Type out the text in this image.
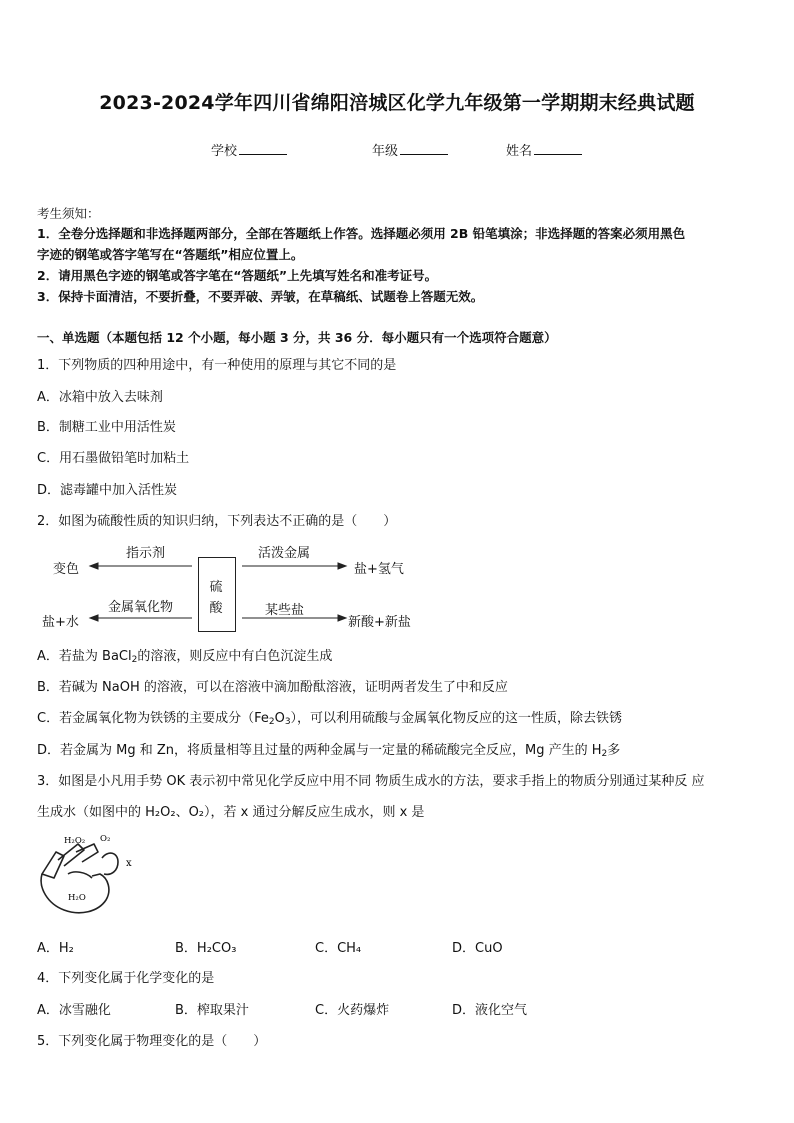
2023-2024学年四川省绵阳涪城区化学九年级第一学期期末经典试题
学校	年级	姓名
考生须知：
1．全卷分选择题和非选择题两部分，全部在答题纸上作答。选择题必须用 2B 铅笔填涂；非选择题的答案必须用黑色
字迹的钢笔或答字笔写在“答题纸”相应位置上。
2．请用黑色字迹的钢笔或答字笔在“答题纸”上先填写姓名和准考证号。
3．保持卡面清洁，不要折叠，不要弄破、弄皱，在草稿纸、试题卷上答题无效。
一、单选题（本题包括 12 个小题，每小题 3 分，共 36 分．每小题只有一个选项符合题意）
1．下列物质的四种用途中，有一种使用的原理与其它不同的是
A．冰箱中放入去味剂
B．制糖工业中用活性炭
C．用石墨做铅笔时加粘土
D．滤毒罐中加入活性炭
2．如图为硫酸性质的知识归纳，下列表达不正确的是（　　）
硫
酸
指示剂
变色
活泼金属
盐+氢气
金属氧化物
盐+水
某些盐
新酸+新盐
A．若盐为 BaCl$_2$的溶液，则反应中有白色沉淀生成
B．若碱为 NaOH 的溶液，可以在溶液中滴加酚酞溶液，证明两者发生了中和反应
C．若金属氧化物为铁锈的主要成分$(Fe_2O_3)$，可以利用硫酸与金属氧化物反应的这一性质，除去铁锈
D．若金属为 Mg 和 Zn，将质量相等且过量的两种金属与一定量的稀硫酸完全反应，Mg 产生的 $H_2$多
3．如图是小凡用手势 OK 表示初中常见化学反应中用不同 物质生成水的方法，要求手指上的物质分别通过某种反 应
生成水（如图中的 H₂O₂、O₂），若 x 通过分解反应生成水，则 x 是
H₂O₂ O₂
x
H₂O
A．H₂	B．H₂CO₃	C．CH₄	D．CuO
4．下列变化属于化学变化的是
A．冰雪融化	B．榨取果汁	C．火药爆炸	D．液化空气
5．下列变化属于物理变化的是（　　）
